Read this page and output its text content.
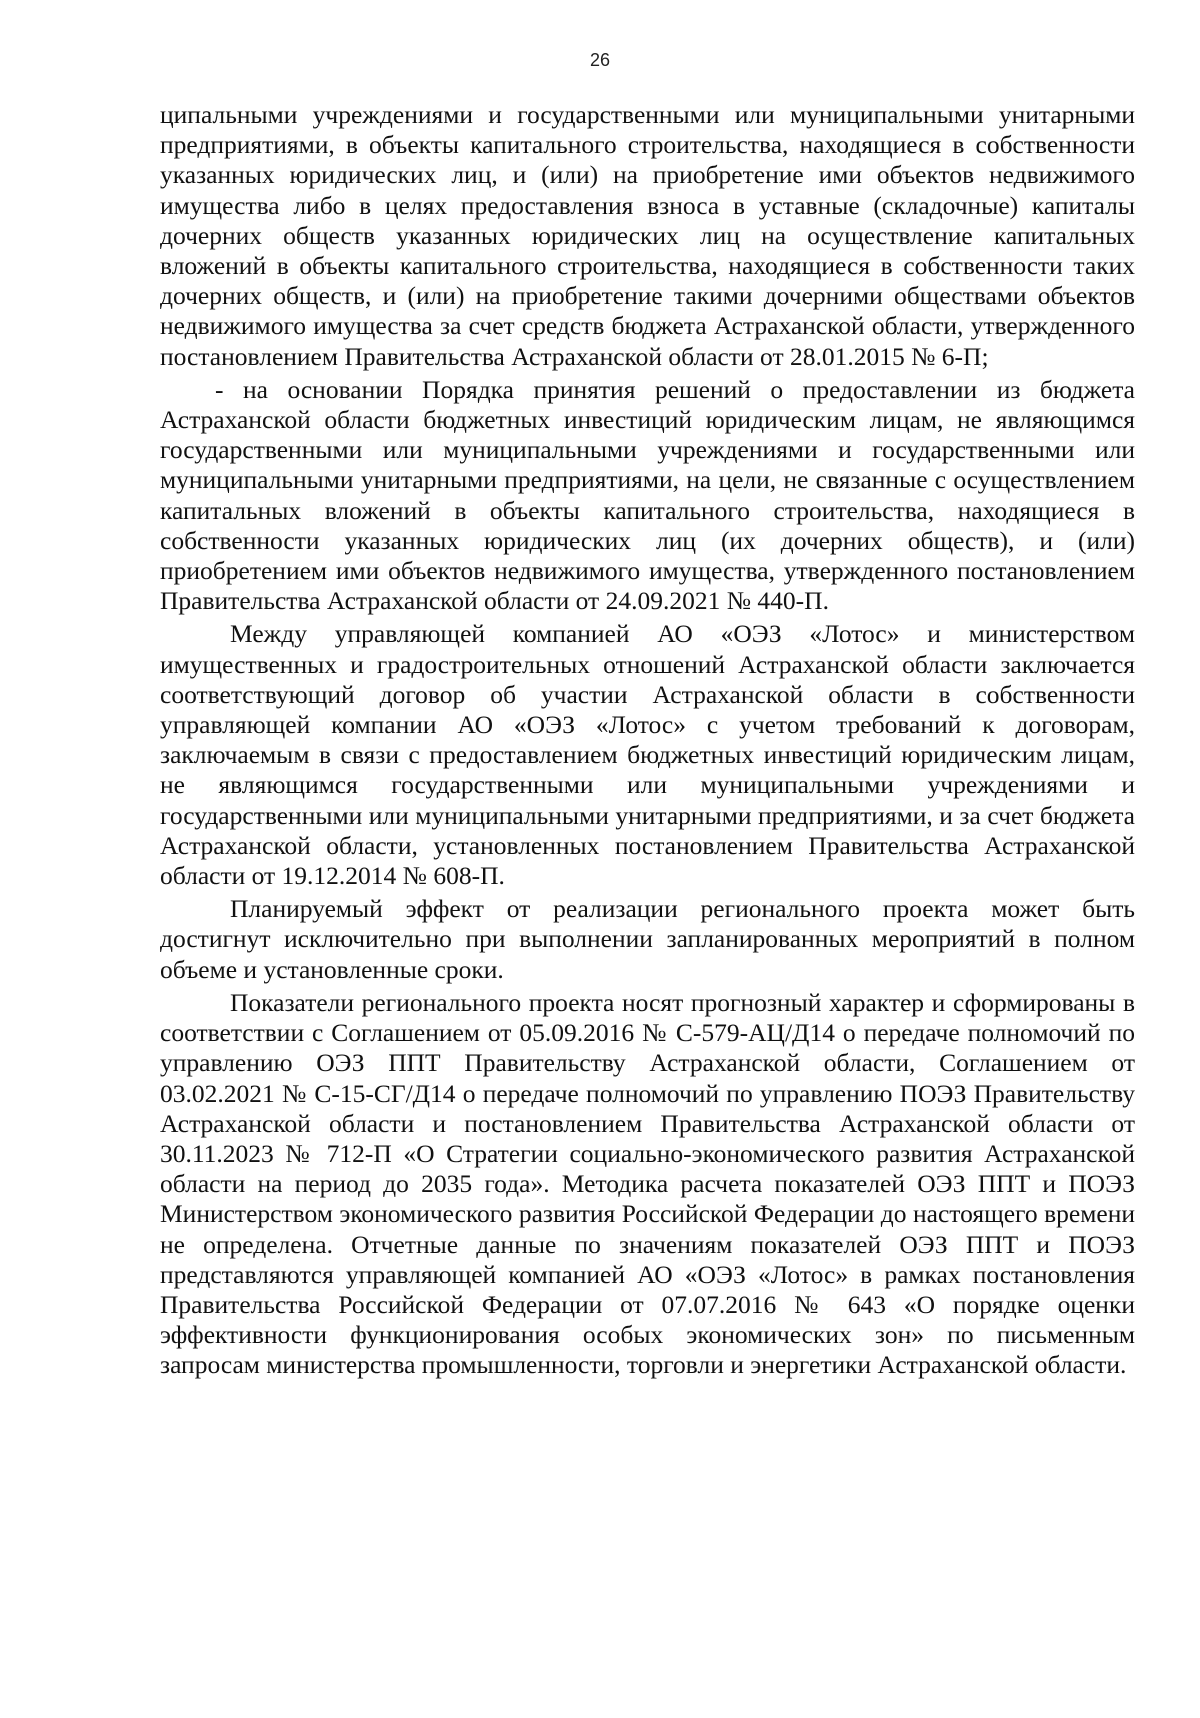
26

ципальными учреждениями и государственными или муниципальными унитарными предприятиями, в объекты капитального строительства, находящиеся в собственности указанных юридических лиц, и (или) на приобретение ими объектов недвижимого имущества либо в целях предоставления взноса в уставные (складочные) капиталы дочерних обществ указанных юридических лиц на осуществление капитальных вложений в объекты капитального строительства, находящиеся в собственности таких дочерних обществ, и (или) на приобретение такими дочерними обществами объектов недвижимого имущества за счет средств бюджета Астраханской области, утвержденного постановлением Правительства Астраханской области от 28.01.2015 № 6-П;

- на основании Порядка принятия решений о предоставлении из бюджета Астраханской области бюджетных инвестиций юридическим лицам, не являющимся государственными или муниципальными учреждениями и государственными или муниципальными унитарными предприятиями, на цели, не связанные с осуществлением капитальных вложений в объекты капитального строительства, находящиеся в собственности указанных юридических лиц (их дочерних обществ), и (или) приобретением ими объектов недвижимого имущества, утвержденного постановлением Правительства Астраханской области от 24.09.2021 № 440-П.

Между управляющей компанией АО «ОЭЗ «Лотос» и министерством имущественных и градостроительных отношений Астраханской области заключается соответствующий договор об участии Астраханской области в собственности управляющей компании АО «ОЭЗ «Лотос» с учетом требований к договорам, заключаемым в связи с предоставлением бюджетных инвестиций юридическим лицам, не являющимся государственными или муниципальными учреждениями и государственными или муниципальными унитарными предприятиями, и за счет бюджета Астраханской области, установленных постановлением Правительства Астраханской области от 19.12.2014 № 608-П.

Планируемый эффект от реализации регионального проекта может быть достигнут исключительно при выполнении запланированных мероприятий в полном объеме и установленные сроки.

Показатели регионального проекта носят прогнозный характер и сформированы в соответствии с Соглашением от 05.09.2016 № С-579-АЦ/Д14 о передаче полномочий по управлению ОЭЗ ППТ Правительству Астраханской области, Соглашением от 03.02.2021 № С-15-СГ/Д14 о передаче полномочий по управлению ПОЭЗ Правительству Астраханской области и постановлением Правительства Астраханской области от 30.11.2023 № 712-П «О Стратегии социально-экономического развития Астраханской области на период до 2035 года». Методика расчета показателей ОЭЗ ППТ и ПОЭЗ Министерством экономического развития Российской Федерации до настоящего времени не определена. Отчетные данные по значениям показателей ОЭЗ ППТ и ПОЭЗ представляются управляющей компанией АО «ОЭЗ «Лотос» в рамках постановления Правительства Российской Федерации от 07.07.2016 № 643 «О порядке оценки эффективности функционирования особых экономических зон» по письменным запросам министерства промышленности, торговли и энергетики Астраханской области.
